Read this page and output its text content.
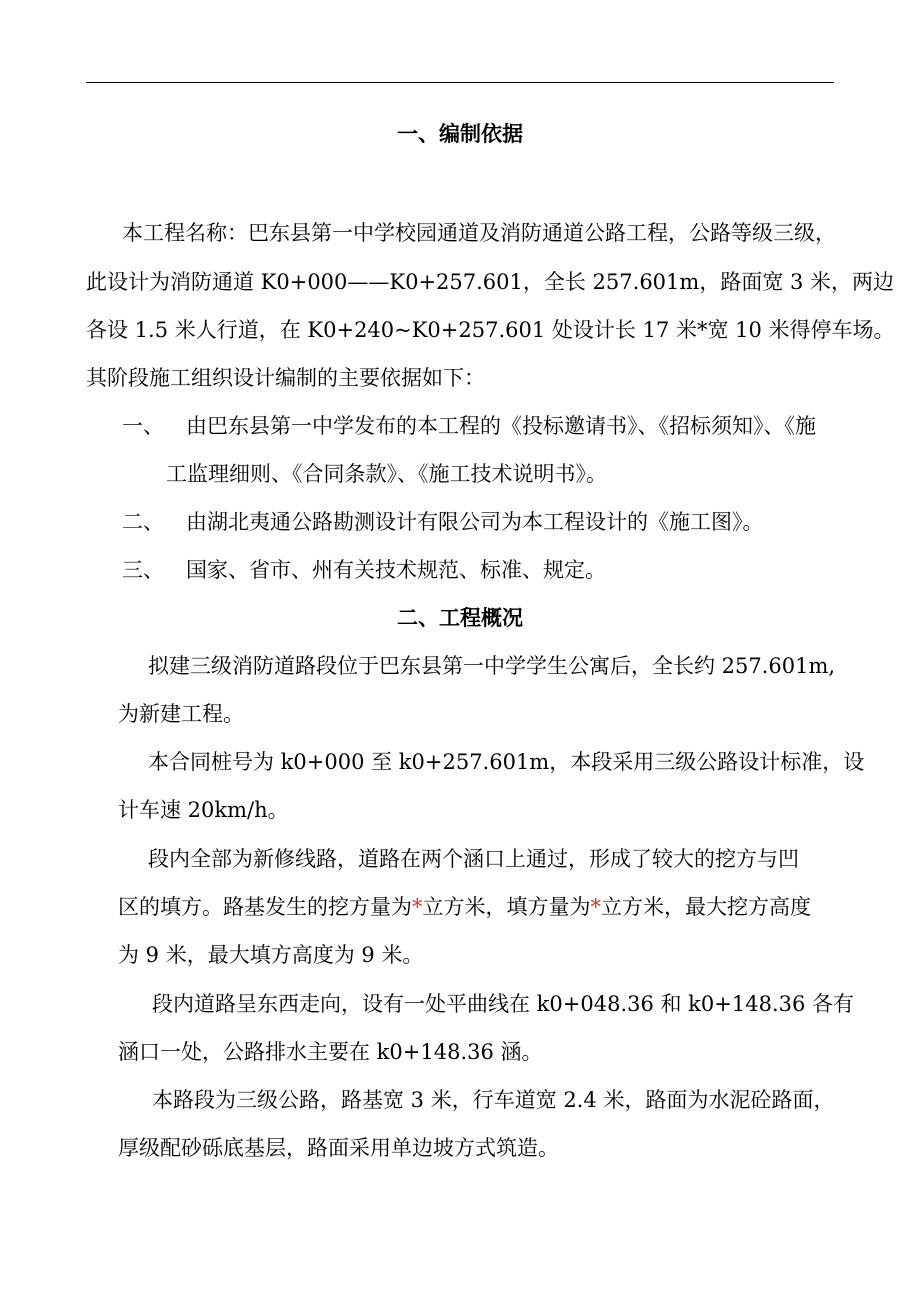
一、编制依据
本工程名称：巴东县第一中学校园通道及消防通道公路工程，公路等级三级，
此设计为消防通道 K0+000——K0+257.601，全长 257.601m，路面宽 3 米，两边
各设 1.5 米人行道，在 K0+240~K0+257.601 处设计长 17 米*宽 10 米得停车场。
其阶段施工组织设计编制的主要依据如下：
一、 由巴东县第一中学发布的本工程的《投标邀请书》、《招标须知》、《施
工监理细则、《合同条款》、《施工技术说明书》。
二、 由湖北夷通公路勘测设计有限公司为本工程设计的《施工图》。
三、 国家、省市、州有关技术规范、标准、规定。
二、工程概况
拟建三级消防道路段位于巴东县第一中学学生公寓后，全长约 257.601m,
为新建工程。
本合同桩号为 k0+000 至 k0+257.601m，本段采用三级公路设计标准，设
计车速 20km/h。
段内全部为新修线路，道路在两个涵口上通过，形成了较大的挖方与凹
区的填方。路基发生的挖方量为*立方米，填方量为*立方米，最大挖方高度
为 9 米，最大填方高度为 9 米。
段内道路呈东西走向，设有一处平曲线在 k0+048.36 和 k0+148.36 各有
涵口一处，公路排水主要在 k0+148.36 涵。
本路段为三级公路，路基宽 3 米，行车道宽 2.4 米，路面为水泥砼路面，
厚级配砂砾底基层，路面采用单边坡方式筑造。
